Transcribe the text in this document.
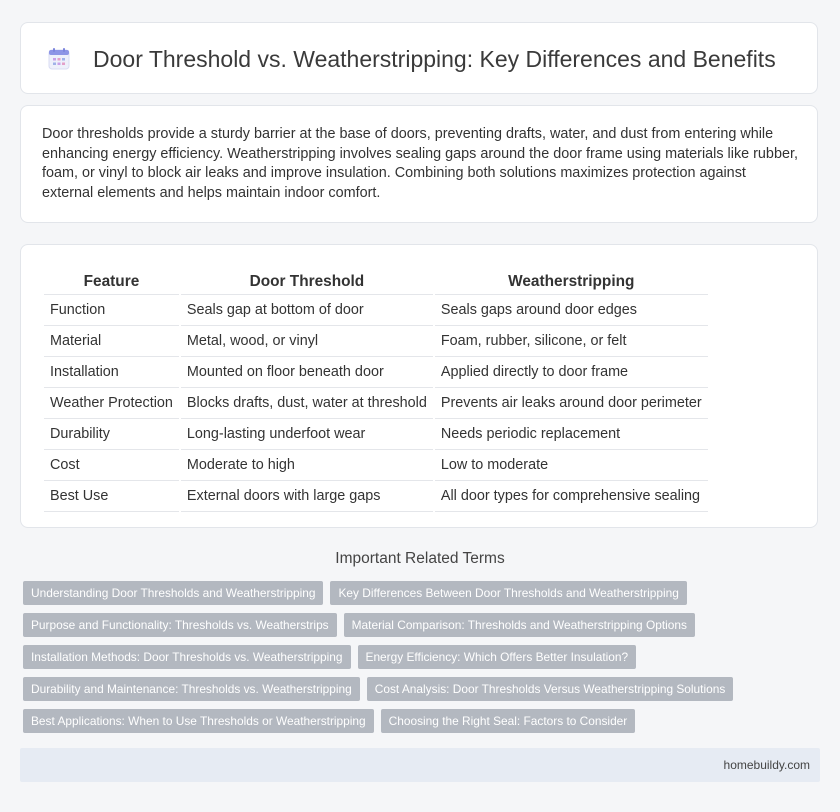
Door Threshold vs. Weatherstripping: Key Differences and Benefits

Door thresholds provide a sturdy barrier at the base of doors, preventing drafts, water, and dust from entering while enhancing energy efficiency. Weatherstripping involves sealing gaps around the door frame using materials like rubber, foam, or vinyl to block air leaks and improve insulation. Combining both solutions maximizes protection against external elements and helps maintain indoor comfort.

Feature	Door Threshold	Weatherstripping
Function	Seals gap at bottom of door	Seals gaps around door edges
Material	Metal, wood, or vinyl	Foam, rubber, silicone, or felt
Installation	Mounted on floor beneath door	Applied directly to door frame
Weather Protection	Blocks drafts, dust, water at threshold	Prevents air leaks around door perimeter
Durability	Long-lasting underfoot wear	Needs periodic replacement
Cost	Moderate to high	Low to moderate
Best Use	External doors with large gaps	All door types for comprehensive sealing
Important Related Terms
Understanding Door Thresholds and Weatherstripping	Key Differences Between Door Thresholds and Weatherstripping
Purpose and Functionality: Thresholds vs. Weatherstrips	Material Comparison: Thresholds and Weatherstripping Options
Installation Methods: Door Thresholds vs. Weatherstripping	Energy Efficiency: Which Offers Better Insulation?
Durability and Maintenance: Thresholds vs. Weatherstripping	Cost Analysis: Door Thresholds Versus Weatherstripping Solutions
Best Applications: When to Use Thresholds or Weatherstripping	Choosing the Right Seal: Factors to Consider
homebuildy.com
